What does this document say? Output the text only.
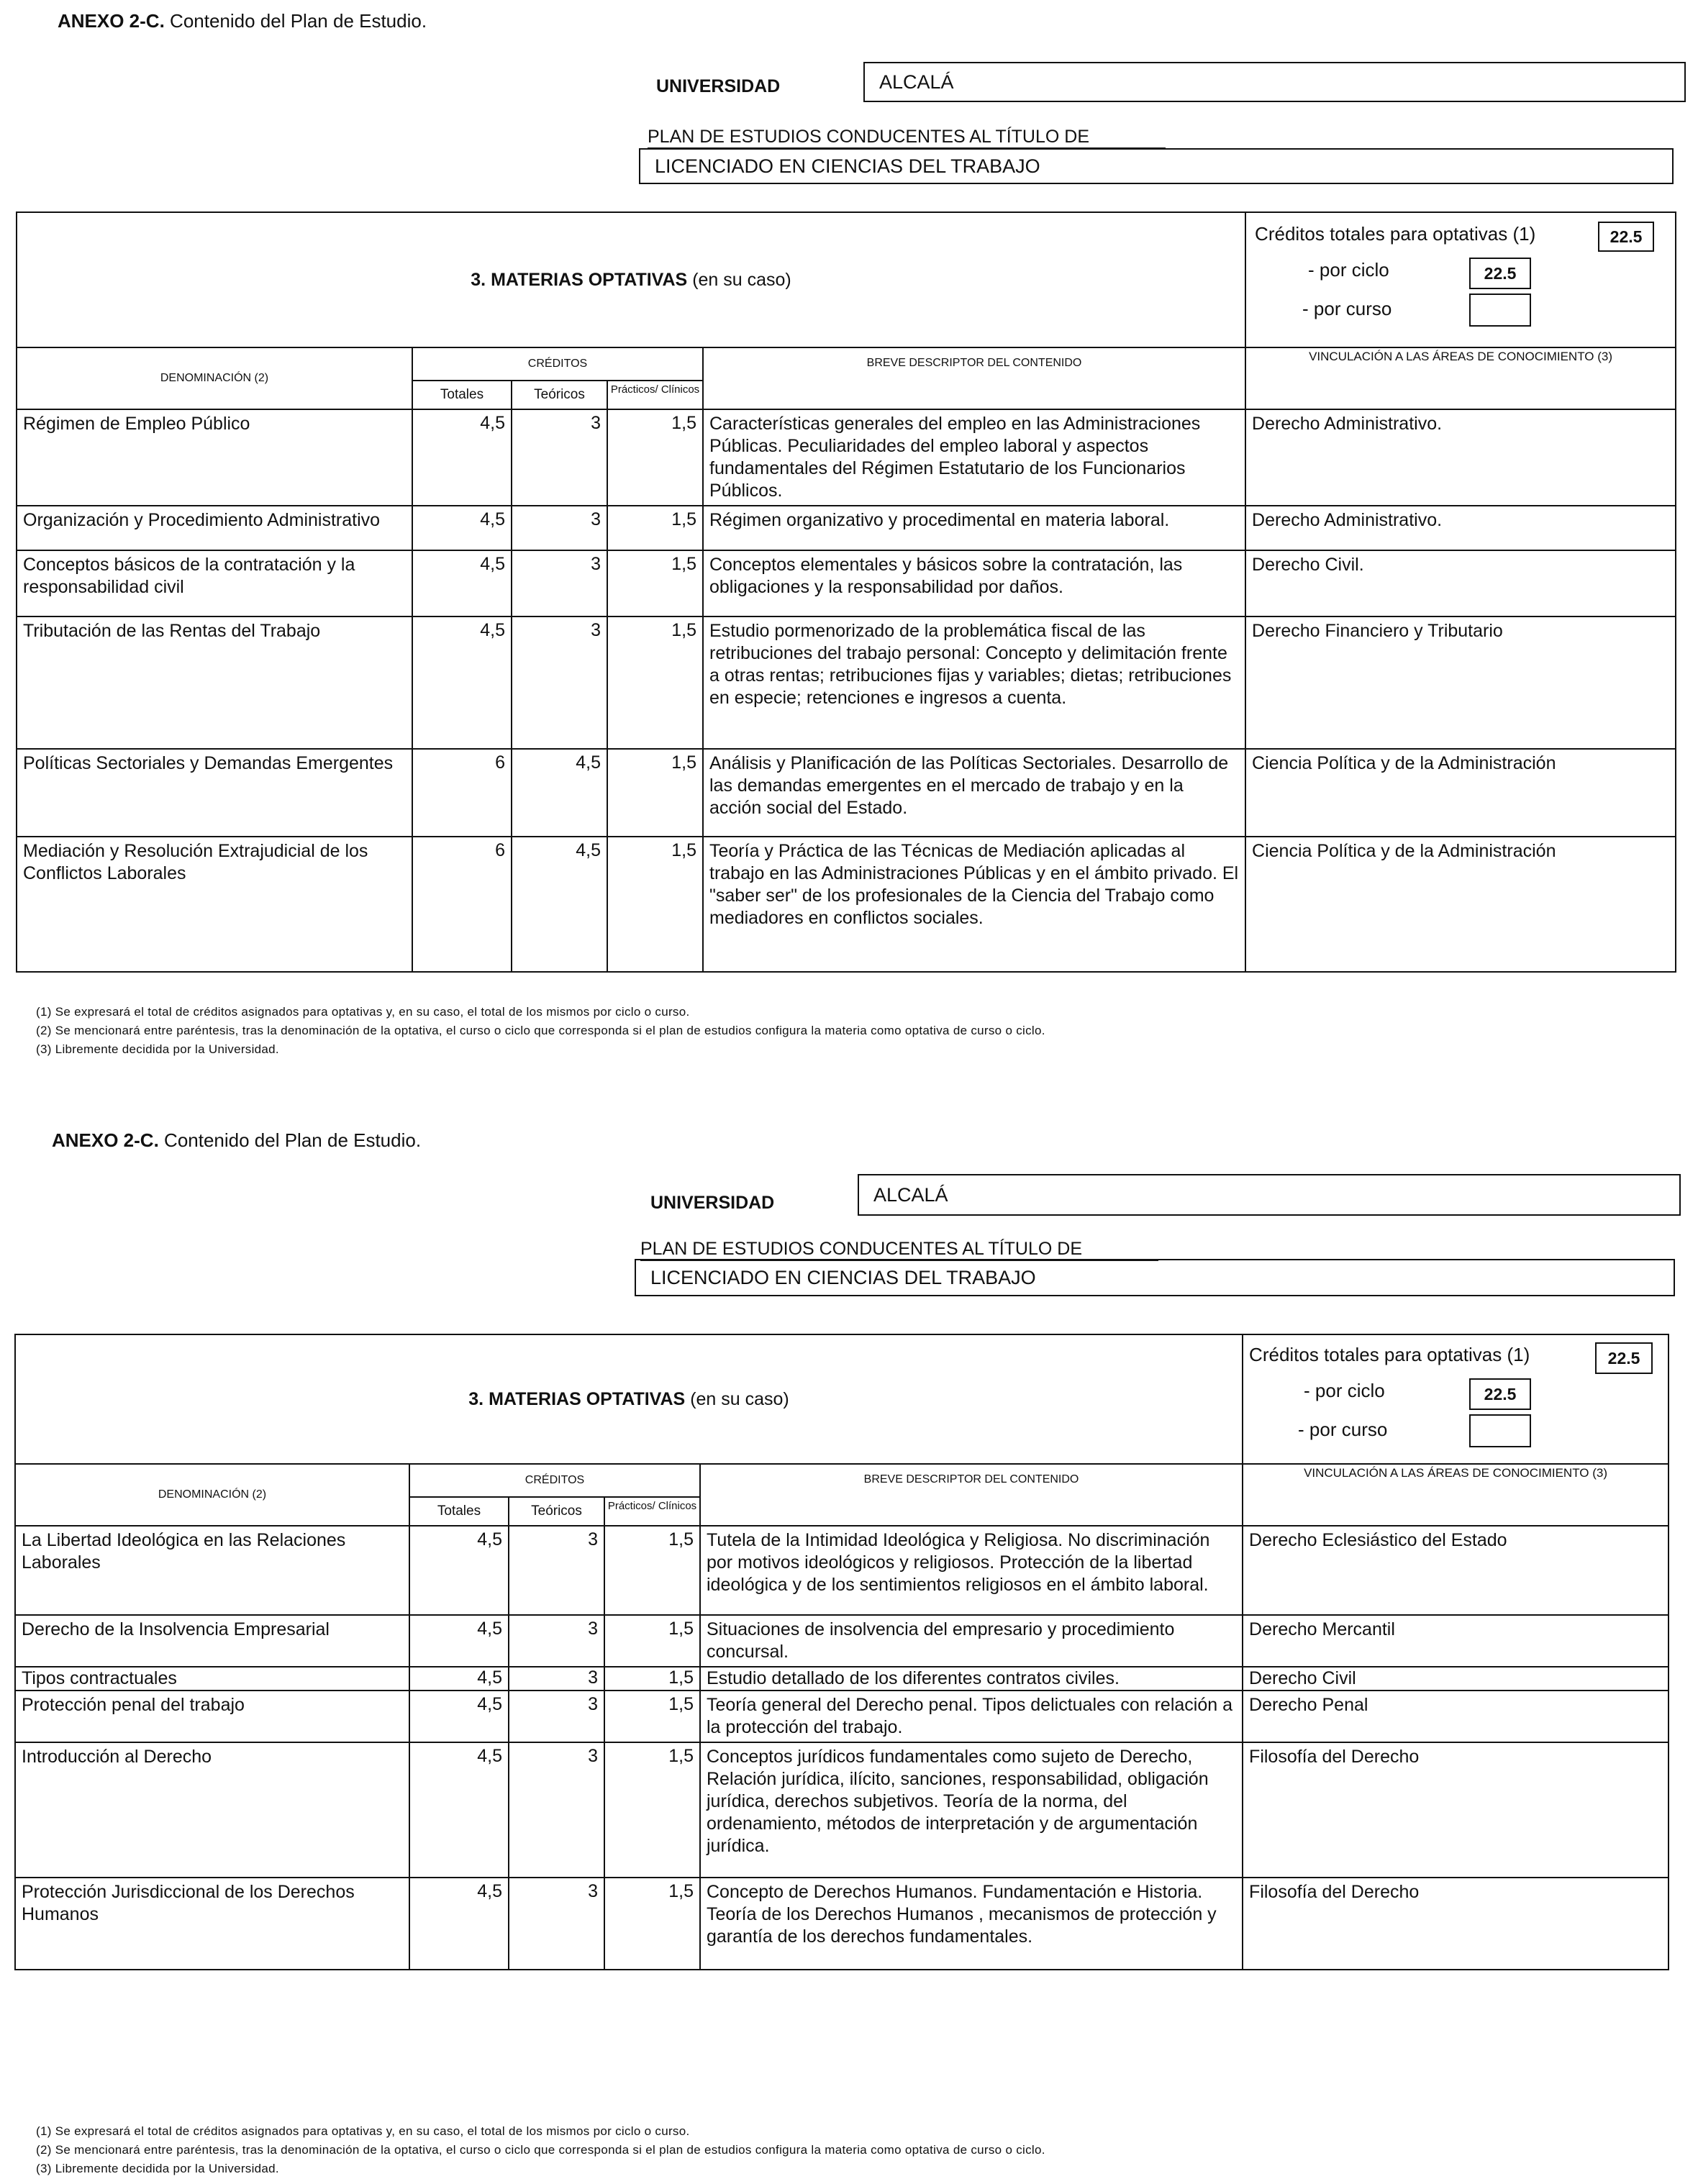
ANEXO 2-C. Contenido del Plan de Estudio.
UNIVERSIDAD	ALCALÁ
PLAN DE ESTUDIOS CONDUCENTES AL TÍTULO DE
LICENCIADO EN CIENCIAS DEL TRABAJO
3. MATERIAS OPTATIVAS (en su caso)					Créditos totales para optativas (1) 22.5
- por ciclo 22.5
- por curso

DENOMINACIÓN (2)	CRÉDITOS			BREVE DESCRIPTOR DEL CONTENIDO	VINCULACIÓN A LAS ÁREAS DE CONOCIMIENTO (3)
	Totales	Teóricos	Prácticos/ Clínicos		
Régimen de Empleo Público	4,5	3	1,5	Características generales del empleo en las Administraciones Públicas. Peculiaridades del empleo laboral y aspectos fundamentales del Régimen Estatutario de los Funcionarios Públicos.	Derecho Administrativo.
Organización y Procedimiento Administrativo	4,5	3	1,5	Régimen organizativo y procedimental en materia laboral.	Derecho Administrativo.
Conceptos básicos de la contratación y la responsabilidad civil	4,5	3	1,5	Conceptos elementales y básicos sobre la contratación, las obligaciones y la responsabilidad por daños.	Derecho Civil.
Tributación de las Rentas del Trabajo	4,5	3	1,5	Estudio pormenorizado de la problemática fiscal de las retribuciones del trabajo personal: Concepto y delimitación frente a otras rentas; retribuciones fijas y variables; dietas; retribuciones en especie; retenciones e ingresos a cuenta.	Derecho Financiero y Tributario
Políticas Sectoriales y Demandas Emergentes	6	4,5	1,5	Análisis y Planificación de las Políticas Sectoriales. Desarrollo de las demandas emergentes en el mercado de trabajo y en la acción social del Estado.	Ciencia Política y de la Administración
Mediación y Resolución Extrajudicial de los Conflictos Laborales	6	4,5	1,5	Teoría y Práctica de las Técnicas de Mediación aplicadas al trabajo en las Administraciones Públicas y en el ámbito privado. El "saber ser" de los profesionales de la Ciencia del Trabajo como mediadores en conflictos sociales.	Ciencia Política y de la Administración
(1) Se expresará el total de créditos asignados para optativas y, en su caso, el total de los mismos por ciclo o curso.
(2) Se mencionará entre paréntesis, tras la denominación de la optativa, el curso o ciclo que corresponda si el plan de estudios configura la materia como optativa de curso o ciclo.
(3) Libremente decidida por la Universidad.
ANEXO 2-C. Contenido del Plan de Estudio.
UNIVERSIDAD	ALCALÁ
PLAN DE ESTUDIOS CONDUCENTES AL TÍTULO DE
LICENCIADO EN CIENCIAS DEL TRABAJO
3. MATERIAS OPTATIVAS (en su caso)					Créditos totales para optativas (1) 22.5
- por ciclo 22.5
- por curso

DENOMINACIÓN (2)	CRÉDITOS			BREVE DESCRIPTOR DEL CONTENIDO	VINCULACIÓN A LAS ÁREAS DE CONOCIMIENTO (3)
	Totales	Teóricos	Prácticos/ Clínicos		
La Libertad Ideológica en las Relaciones Laborales	4,5	3	1,5	Tutela de la Intimidad Ideológica y Religiosa. No discriminación por motivos ideológicos y religiosos. Protección de la libertad ideológica y de los sentimientos religiosos en el ámbito laboral.	Derecho Eclesiástico del Estado
Derecho de la Insolvencia Empresarial	4,5	3	1,5	Situaciones de insolvencia del empresario y procedimiento concursal.	Derecho Mercantil
Tipos contractuales	4,5	3	1,5	Estudio detallado de los diferentes contratos civiles.	Derecho Civil
Protección penal del trabajo	4,5	3	1,5	Teoría general del Derecho penal. Tipos delictuales con relación a la protección del trabajo.	Derecho Penal
Introducción al Derecho	4,5	3	1,5	Conceptos jurídicos fundamentales como sujeto de Derecho, Relación jurídica, ilícito, sanciones, responsabilidad, obligación jurídica, derechos subjetivos. Teoría de la norma, del ordenamiento, métodos de interpretación y de argumentación jurídica.	Filosofía del Derecho
Protección Jurisdiccional de los Derechos Humanos	4,5	3	1,5	Concepto de Derechos Humanos. Fundamentación e Historia. Teoría de los Derechos Humanos , mecanismos de protección y garantía de los derechos fundamentales.	Filosofía del Derecho
(1) Se expresará el total de créditos asignados para optativas y, en su caso, el total de los mismos por ciclo o curso.
(2) Se mencionará entre paréntesis, tras la denominación de la optativa, el curso o ciclo que corresponda si el plan de estudios configura la materia como optativa de curso o ciclo.
(3) Libremente decidida por la Universidad.
